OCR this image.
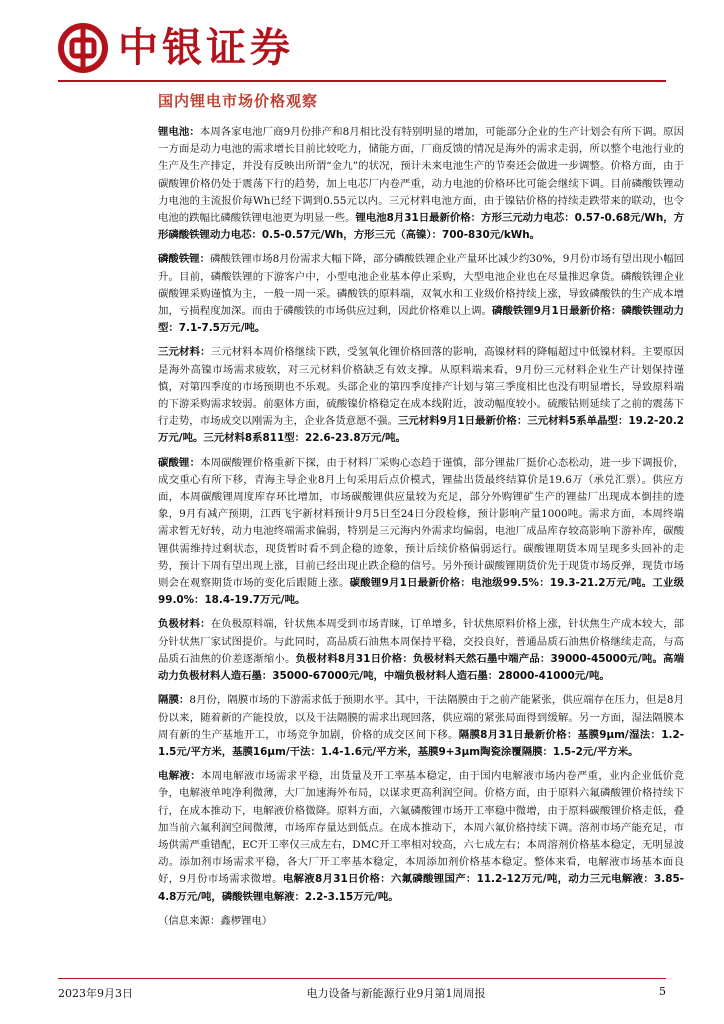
中银证券
国内锂电市场价格观察

锂电池：本周各家电池厂商9月份排产和8月相比没有特别明显的增加，可能部分企业的生产计划会有所下调。原因一方面是动力电池的需求增长目前比较吃力，储能方面，厂商反馈的情况是海外的需求走弱，所以整个电池行业的生产及生产排定，并没有反映出所谓“金九”的状况，预计未来电池生产的节奏还会做进一步调整。价格方面，由于碳酸锂价格仍处于震荡下行的趋势，加上电芯厂内卷严重，动力电池的价格环比可能会继续下调。目前磷酸铁锂动力电池的主流报价每Wh已经下调到0.55元以内。三元材料电池方面，由于镍钴价格的持续走跌带来的联动，也令电池的跌幅比磷酸铁锂电池更为明显一些。锂电池8月31日最新价格：方形三元动力电芯：0.57-0.68元/Wh，方形磷酸铁锂动力电芯：0.5-0.57元/Wh，方形三元（高镍）：700-830元/kWh。

磷酸铁锂：磷酸铁锂市场8月份需求大幅下降，部分磷酸铁锂企业产量环比减少约30%，9月份市场有望出现小幅回升。目前，磷酸铁锂的下游客户中，小型电池企业基本停止采购，大型电池企业也在尽量推迟拿货。磷酸铁锂企业碳酸锂采购谨慎为主，一般一周一采。磷酸铁的原料端，双氧水和工业级价格持续上涨，导致磷酸铁的生产成本增加，亏损程度加深。而由于磷酸铁的市场供应过剩，因此价格难以上调。磷酸铁锂9月1日最新价格：磷酸铁锂动力型：7.1-7.5万元/吨。

三元材料：三元材料本周价格继续下跌，受氢氧化锂价格回落的影响，高镍材料的降幅超过中低镍材料。主要原因是海外高镍市场需求疲软，对三元材料价格缺乏有效支撑。从原料端来看，9月份三元材料企业生产计划保持谨慎，对第四季度的市场预期也不乐观。头部企业的第四季度排产计划与第三季度相比也没有明显增长，导致原料端的下游采购需求较弱。前驱体方面，硫酸镍价格稳定在成本线附近，波动幅度较小。硫酸钴则延续了之前的震荡下行走势，市场成交以刚需为主，企业各货意愿不强。三元材料9月1日最新价格：三元材料5系单晶型：19.2-20.2万元/吨。三元材料8系811型：22.6-23.8万元/吨。

碳酸锂：本周碳酸锂价格重新下探，由于材料厂采购心态趋于谨慎，部分锂盐厂挺价心态松动，进一步下调报价，成交重心有所下移，青海主导企业8月上旬采用后点价模式，锂盐出货最终结算价是19.6万（承兑汇票）。供应方面，本周碳酸锂周度库存环比增加，市场碳酸锂供应量较为充足，部分外购锂矿生产的锂盐厂出现成本倒挂的迹象，9月有减产预期，江西飞宇新材料预计9月5日至24日分段检修，预计影响产量1000吨。需求方面，本周终端需求暂无好转，动力电池终端需求偏弱，特别是三元海内外需求均偏弱，电池厂成品库存较高影响下游补库，碳酸锂供需维持过剩状态，现货暂时看不到企稳的迹象，预计后续价格偏弱运行。碳酸锂期货本周呈现多头回补的走势，预计下周有望出现上涨，目前已经出现止跌企稳的信号。另外预计碳酸锂期货价先于现货市场反弹，现货市场则会在观察期货市场的变化后跟随上涨。碳酸锂9月1日最新价格：电池级99.5%：19.3-21.2万元/吨。工业级99.0%：18.4-19.7万元/吨。

负极材料：在负极原料端，针状焦本周受到市场青睐，订单增多，针状焦原料价格上涨，针状焦生产成本较大，部分针状焦厂家试图提价。与此同时，高品质石油焦本周保持平稳，交投良好，普通品质石油焦价格继续走高，与高品质石油焦的价差逐渐缩小。负极材料8月31日价格：负极材料天然石墨中端产品：39000-45000元/吨。高端动力负极材料人造石墨：35000-67000元/吨，中端负极材料人造石墨：28000-41000元/吨。

隔膜：8月份，隔膜市场的下游需求低于预期水平。其中，干法隔膜由于之前产能紧张，供应端存在压力，但是8月份以来，随着新的产能投放，以及干法隔膜的需求出现回落，供应端的紧张局面得到缓解。另一方面，湿法隔膜本周有新的生产基地开工，市场竞争加剧，价格的成交区间下移。隔膜8月31日最新价格：基膜9μm/湿法：1.2-1.5元/平方米，基膜16μm/干法：1.4-1.6元/平方米，基膜9+3μm陶瓷涂覆隔膜：1.5-2元/平方米。

电解液：本周电解液市场需求平稳，出货量及开工率基本稳定，由于国内电解液市场内卷严重，业内企业低价竞争，电解液单吨净利微薄，大厂加速海外布局，以谋求更高利润空间。价格方面，由于原料六氟磷酸锂价格持续下行，在成本推动下，电解液价格微降。原料方面，六氟磷酸锂市场开工率稳中微增，由于原料碳酸锂价格走低，叠加当前六氟利润空间微薄，市场库存量达到低点。在成本推动下，本周六氟价格持续下调。溶剂市场产能充足，市场供需严重错配，EC开工率仅三成左右，DMC开工率相对较高，六七成左右；本周溶剂价格基本稳定，无明显波动。添加剂市场需求平稳，各大厂开工率基本稳定，本周添加剂价格基本稳定。整体来看，电解液市场基本面良好，9月份市场需求微增。电解液8月31日价格：六氟磷酸锂国产：11.2-12万元/吨，动力三元电解液：3.85-4.8万元/吨，磷酸铁锂电解液：2.2-3.15万元/吨。

（信息来源：鑫椤锂电）
2023年9月3日	电力设备与新能源行业9月第1周周报	5
